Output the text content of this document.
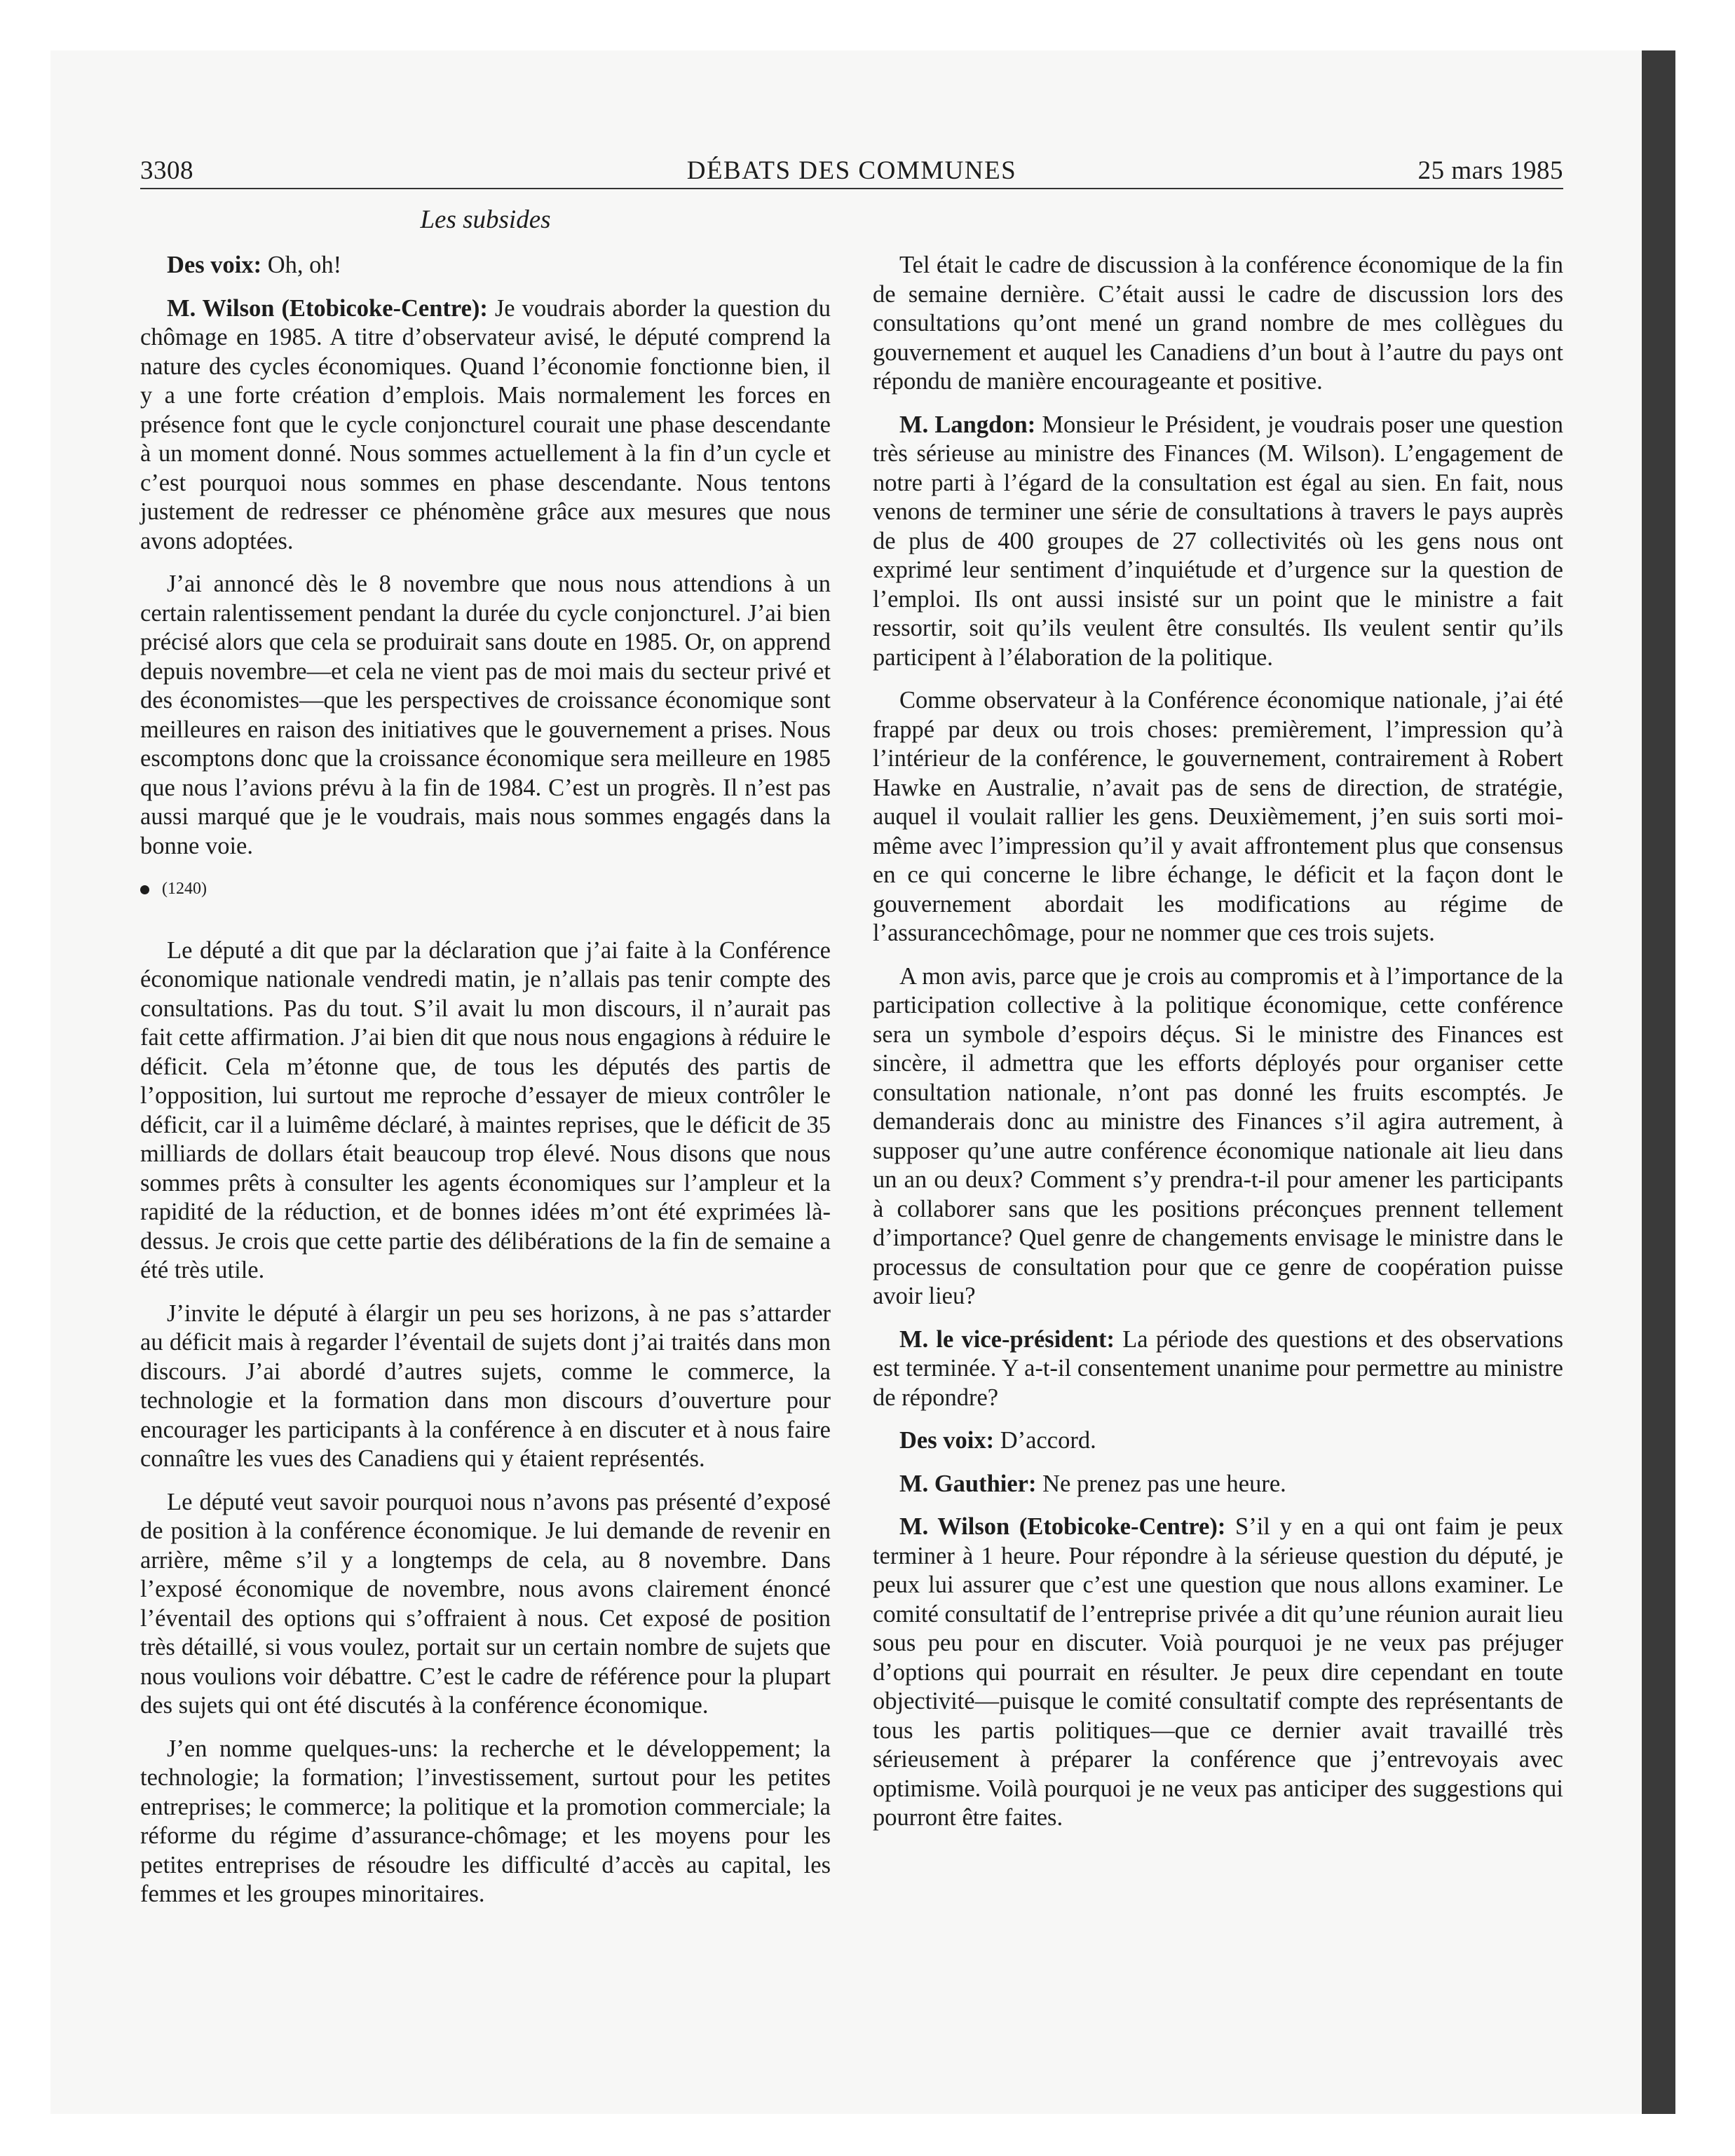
3308	DÉBATS DES COMMUNES	25 mars 1985
Les subsides

Des voix: Oh, oh!

M. Wilson (Etobicoke-Centre): Je voudrais aborder la question du chômage en 1985. A titre d’observateur avisé, le député comprend la nature des cycles économiques. Quand l’économie fonctionne bien, il y a une forte création d’emplois. Mais normalement les forces en présence font que le cycle conjoncturel courait une phase descendante à un moment donné. Nous sommes actuellement à la fin d’un cycle et c’est pourquoi nous sommes en phase descendante. Nous tentons justement de redresser ce phénomène grâce aux mesures que nous avons adoptées.

J’ai annoncé dès le 8 novembre que nous nous attendions à un certain ralentissement pendant la durée du cycle conjoncturel. J’ai bien précisé alors que cela se produirait sans doute en 1985. Or, on apprend depuis novembre—et cela ne vient pas de moi mais du secteur privé et des économistes—que les perspectives de croissance économique sont meilleures en raison des initiatives que le gouvernement a prises. Nous escomptons donc que la croissance économique sera meilleure en 1985 que nous l’avions prévu à la fin de 1984. C’est un progrès. Il n’est pas aussi marqué que je le voudrais, mais nous sommes engagés dans la bonne voie.

(1240)

Le député a dit que par la déclaration que j’ai faite à la Conférence économique nationale vendredi matin, je n’allais pas tenir compte des consultations. Pas du tout. S’il avait lu mon discours, il n’aurait pas fait cette affirmation. J’ai bien dit que nous nous engagions à réduire le déficit. Cela m’étonne que, de tous les députés des partis de l’opposition, lui surtout me reproche d’essayer de mieux contrôler le déficit, car il a luimême déclaré, à maintes reprises, que le déficit de 35 milliards de dollars était beaucoup trop élevé. Nous disons que nous sommes prêts à consulter les agents économiques sur l’ampleur et la rapidité de la réduction, et de bonnes idées m’ont été exprimées là-dessus. Je crois que cette partie des délibérations de la fin de semaine a été très utile.

J’invite le député à élargir un peu ses horizons, à ne pas s’attarder au déficit mais à regarder l’éventail de sujets dont j’ai traités dans mon discours. J’ai abordé d’autres sujets, comme le commerce, la technologie et la formation dans mon discours d’ouverture pour encourager les participants à la conférence à en discuter et à nous faire connaître les vues des Canadiens qui y étaient représentés.

Le député veut savoir pourquoi nous n’avons pas présenté d’exposé de position à la conférence économique. Je lui demande de revenir en arrière, même s’il y a longtemps de cela, au 8 novembre. Dans l’exposé économique de novembre, nous avons clairement énoncé l’éventail des options qui s’offraient à nous. Cet exposé de position très détaillé, si vous voulez, portait sur un certain nombre de sujets que nous voulions voir débattre. C’est le cadre de référence pour la plupart des sujets qui ont été discutés à la conférence économique.

J’en nomme quelques-uns: la recherche et le développement; la technologie; la formation; l’investissement, surtout pour les petites entreprises; le commerce; la politique et la promotion commerciale; la réforme du régime d’assurance-chômage; et les moyens pour les petites entreprises de résoudre les difficulté d’accès au capital, les femmes et les groupes minoritaires.

Tel était le cadre de discussion à la conférence économique de la fin de semaine dernière. C’était aussi le cadre de discussion lors des consultations qu’ont mené un grand nombre de mes collègues du gouvernement et auquel les Canadiens d’un bout à l’autre du pays ont répondu de manière encourageante et positive.

M. Langdon: Monsieur le Président, je voudrais poser une question très sérieuse au ministre des Finances (M. Wilson). L’engagement de notre parti à l’égard de la consultation est égal au sien. En fait, nous venons de terminer une série de consultations à travers le pays auprès de plus de 400 groupes de 27 collectivités où les gens nous ont exprimé leur sentiment d’inquiétude et d’urgence sur la question de l’emploi. Ils ont aussi insisté sur un point que le ministre a fait ressortir, soit qu’ils veulent être consultés. Ils veulent sentir qu’ils participent à l’élaboration de la politique.

Comme observateur à la Conférence économique nationale, j’ai été frappé par deux ou trois choses: premièrement, l’impression qu’à l’intérieur de la conférence, le gouvernement, contrairement à Robert Hawke en Australie, n’avait pas de sens de direction, de stratégie, auquel il voulait rallier les gens. Deuxièmement, j’en suis sorti moi-même avec l’impression qu’il y avait affrontement plus que consensus en ce qui concerne le libre échange, le déficit et la façon dont le gouvernement abordait les modifications au régime de l’assurancechômage, pour ne nommer que ces trois sujets.

A mon avis, parce que je crois au compromis et à l’importance de la participation collective à la politique économique, cette conférence sera un symbole d’espoirs déçus. Si le ministre des Finances est sincère, il admettra que les efforts déployés pour organiser cette consultation nationale, n’ont pas donné les fruits escomptés. Je demanderais donc au ministre des Finances s’il agira autrement, à supposer qu’une autre conférence économique nationale ait lieu dans un an ou deux? Comment s’y prendra-t-il pour amener les participants à collaborer sans que les positions préconçues prennent tellement d’importance? Quel genre de changements envisage le ministre dans le processus de consultation pour que ce genre de coopération puisse avoir lieu?

M. le vice-président: La période des questions et des observations est terminée. Y a-t-il consentement unanime pour permettre au ministre de répondre?

Des voix: D’accord.

M. Gauthier: Ne prenez pas une heure.

M. Wilson (Etobicoke-Centre): S’il y en a qui ont faim je peux terminer à 1 heure. Pour répondre à la sérieuse question du député, je peux lui assurer que c’est une question que nous allons examiner. Le comité consultatif de l’entreprise privée a dit qu’une réunion aurait lieu sous peu pour en discuter. Voià pourquoi je ne veux pas préjuger d’options qui pourrait en résulter. Je peux dire cependant en toute objectivité—puisque le comité consultatif compte des représentants de tous les partis politiques—que ce dernier avait travaillé très sérieusement à préparer la conférence que j’entrevoyais avec optimisme. Voilà pourquoi je ne veux pas anticiper des suggestions qui pourront être faites.
